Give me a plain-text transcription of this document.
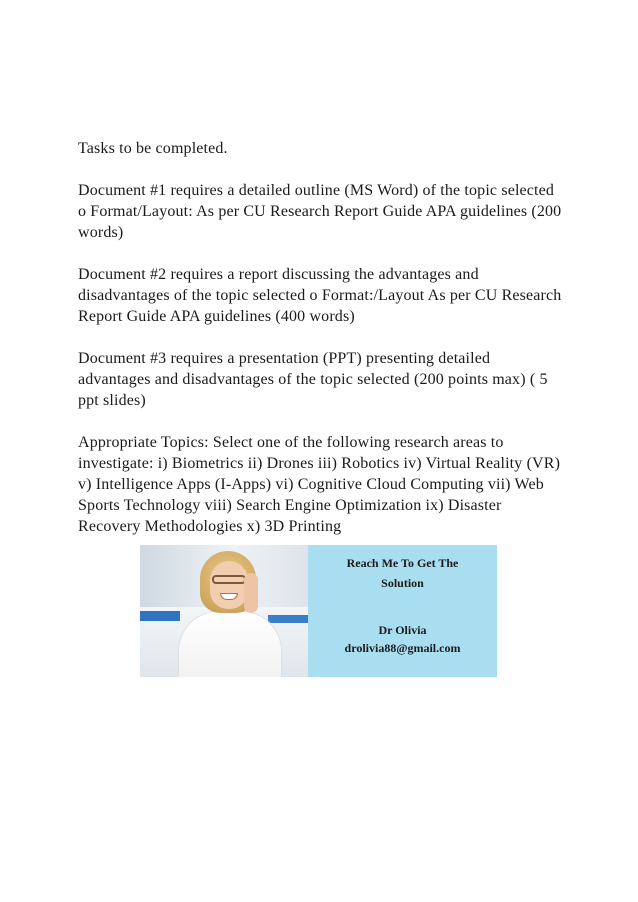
Tasks to be completed.

Document #1 requires a detailed outline (MS Word) of the topic selected o Format/Layout: As per CU Research Report Guide APA guidelines (200 words)

Document #2 requires a report discussing the advantages and disadvantages of the topic selected o Format:/Layout As per CU Research Report Guide APA guidelines (400 words)

Document #3 requires a presentation (PPT) presenting detailed advantages and disadvantages of the topic selected (200 points max) ( 5 ppt slides)

Appropriate Topics: Select one of the following research areas to investigate: i) Biometrics ii) Drones iii) Robotics iv) Virtual Reality (VR) v) Intelligence Apps (I-Apps) vi) Cognitive Cloud Computing vii) Web Sports Technology viii) Search Engine Optimization ix) Disaster Recovery Methodologies x) 3D Printing

Reach Me To Get The
Solution
Dr Olivia
drolivia88@gmail.com
